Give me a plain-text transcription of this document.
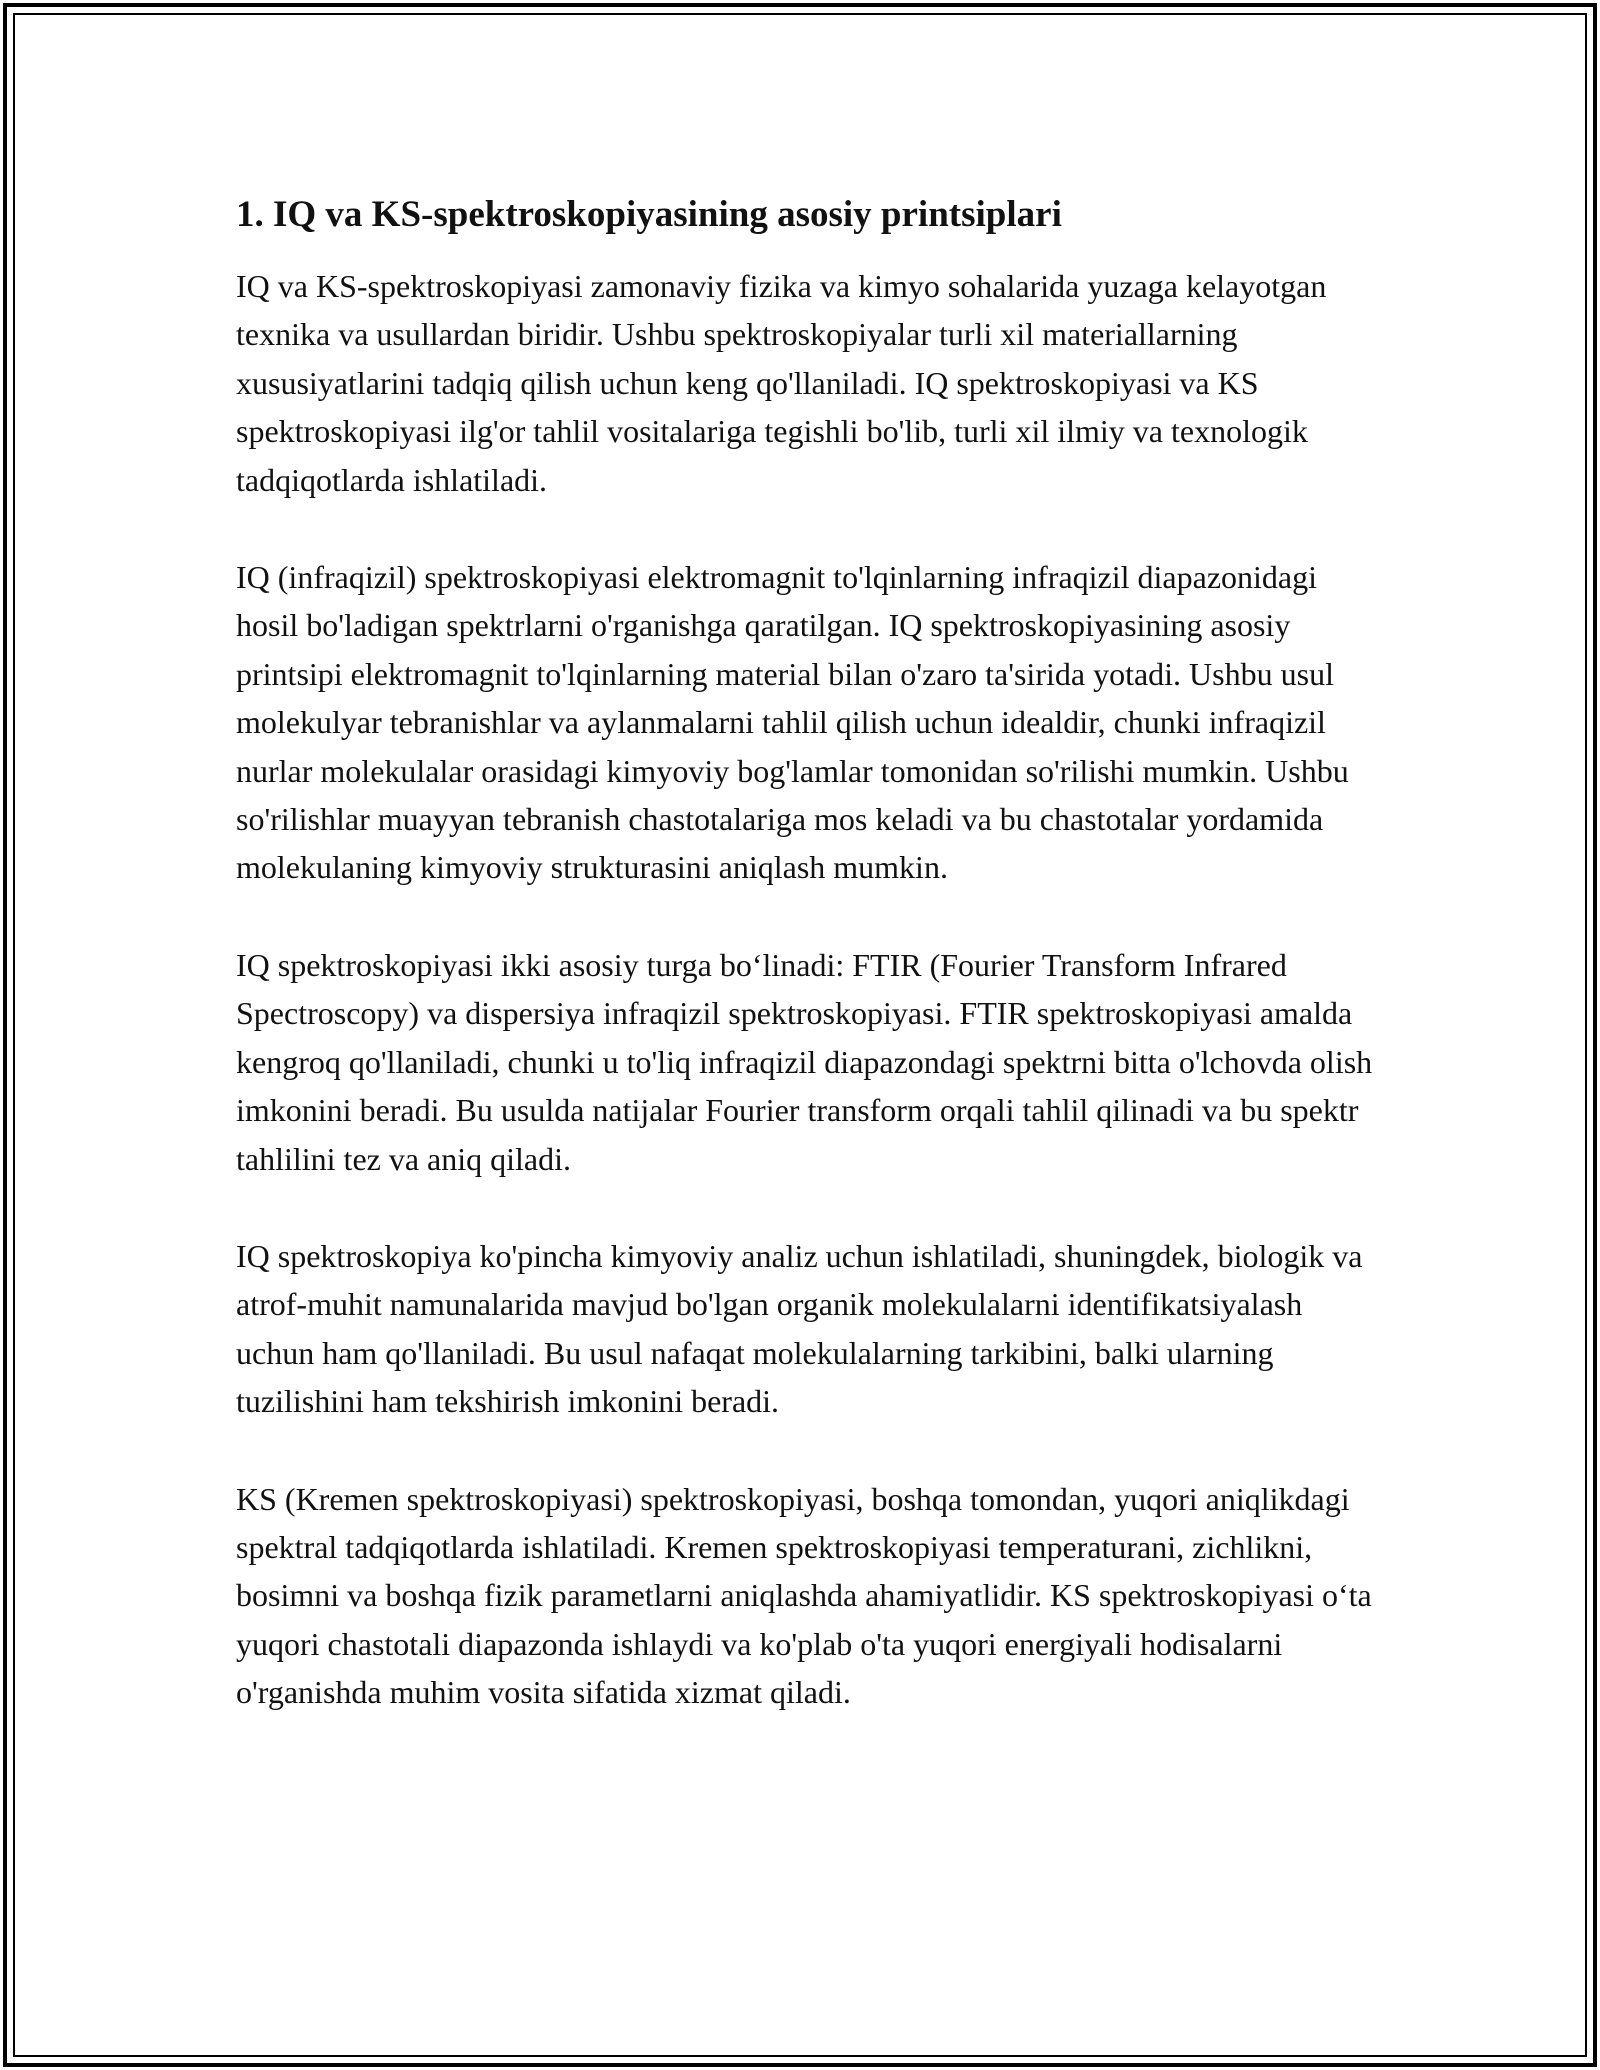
1. IQ va KS-spektroskopiyasining asosiy printsiplari

IQ va KS-spektroskopiyasi zamonaviy fizika va kimyo sohalarida yuzaga kelayotgan texnika va usullardan biridir. Ushbu spektroskopiyalar turli xil materiallarning xususiyatlarini tadqiq qilish uchun keng qo'llaniladi. IQ spektroskopiyasi va KS spektroskopiyasi ilg'or tahlil vositalariga tegishli bo'lib, turli xil ilmiy va texnologik tadqiqotlarda ishlatiladi.

IQ (infraqizil) spektroskopiyasi elektromagnit to'lqinlarning infraqizil diapazonidagi hosil bo'ladigan spektrlarni o'rganishga qaratilgan. IQ spektroskopiyasining asosiy printsipi elektromagnit to'lqinlarning material bilan o'zaro ta'sirida yotadi. Ushbu usul molekulyar tebranishlar va aylanmalarni tahlil qilish uchun idealdir, chunki infraqizil nurlar molekulalar orasidagi kimyoviy bog'lamlar tomonidan so'rilishi mumkin. Ushbu so'rilishlar muayyan tebranish chastotalariga mos keladi va bu chastotalar yordamida molekulaning kimyoviy strukturasini aniqlash mumkin.

IQ spektroskopiyasi ikki asosiy turga bo‘linadi: FTIR (Fourier Transform Infrared Spectroscopy) va dispersiya infraqizil spektroskopiyasi. FTIR spektroskopiyasi amalda kengroq qo'llaniladi, chunki u to'liq infraqizil diapazondagi spektrni bitta o'lchovda olish imkonini beradi. Bu usulda natijalar Fourier transform orqali tahlil qilinadi va bu spektr tahlilini tez va aniq qiladi.

IQ spektroskopiya ko'pincha kimyoviy analiz uchun ishlatiladi, shuningdek, biologik va atrof-muhit namunalarida mavjud bo'lgan organik molekulalarni identifikatsiyalash uchun ham qo'llaniladi. Bu usul nafaqat molekulalarning tarkibini, balki ularning tuzilishini ham tekshirish imkonini beradi.

KS (Kremen spektroskopiyasi) spektroskopiyasi, boshqa tomondan, yuqori aniqlikdagi spektral tadqiqotlarda ishlatiladi. Kremen spektroskopiyasi temperaturani, zichlikni, bosimni va boshqa fizik parametlarni aniqlashda ahamiyatlidir. KS spektroskopiyasi o‘ta yuqori chastotali diapazonda ishlaydi va ko'plab o'ta yuqori energiyali hodisalarni o'rganishda muhim vosita sifatida xizmat qiladi.
